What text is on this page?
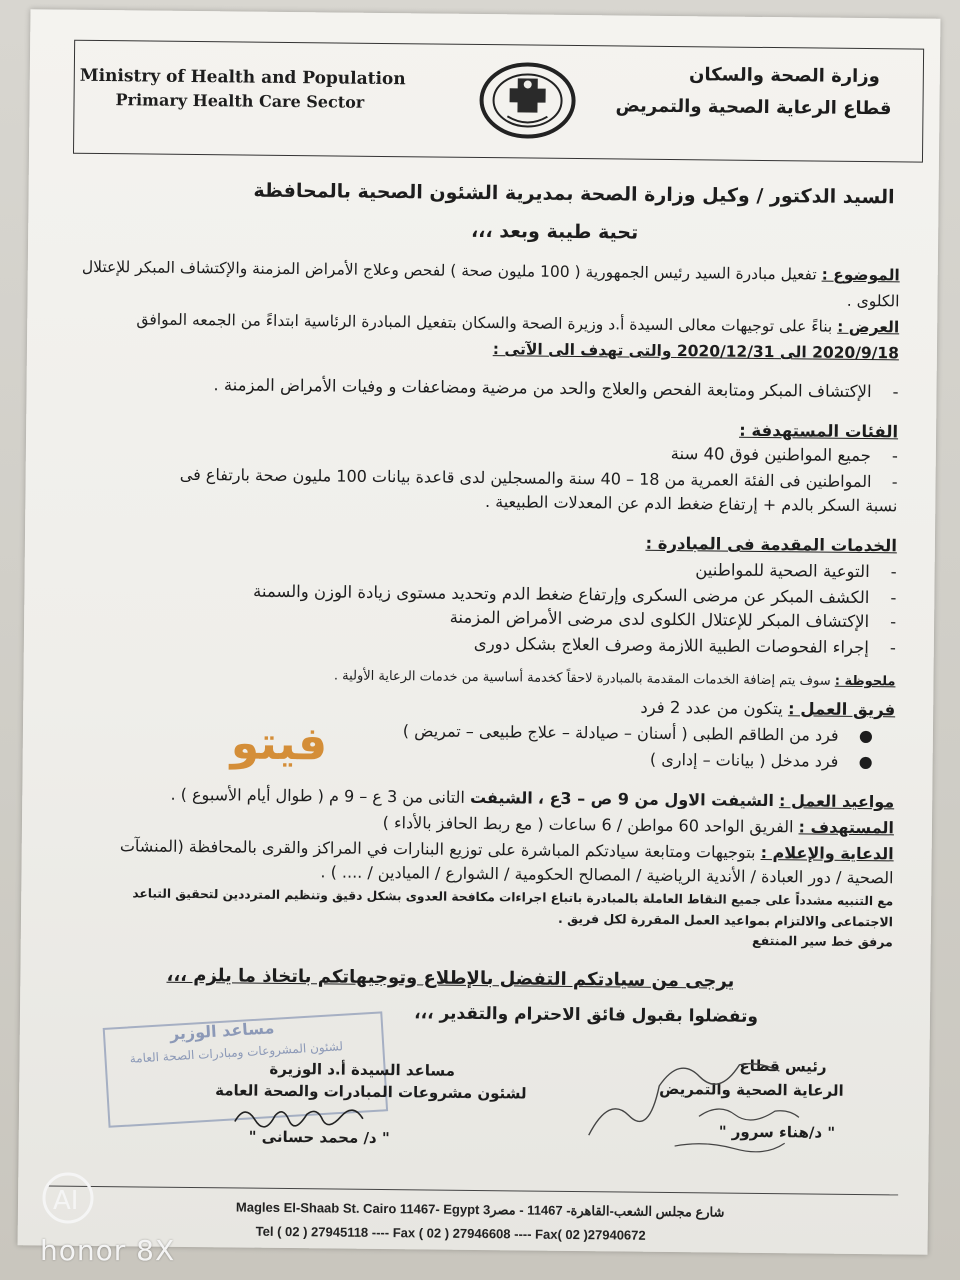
Ministry of Health and Population
Primary Health Care Sector
وزارة الصحة والسكان
قطاع الرعاية الصحية والتمريض
السيد الدكتور / وكيل وزارة الصحة بمديرية الشئون الصحية بالمحافظة
تحية طيبة وبعد ،،،
الموضوع : تفعيل مبادرة السيد رئيس الجمهورية ( 100 مليون صحة ) لفحص وعلاج الأمراض المزمنة والإكتشاف المبكر للإعتلال
الكلوى .
العرض : بناءً على توجيهات معالى السيدة أ.د وزيرة الصحة والسكان بتفعيل المبادرة الرئاسية ابتداءً من الجمعه الموافق
2020/9/18 الى 2020/12/31 والتى تهدف الى الآتى :
-    الإكتشاف المبكر ومتابعة الفحص والعلاج والحد من مرضية ومضاعفات و وفيات الأمراض المزمنة .
الفئات المستهدفة :
-    جميع المواطنين فوق 40 سنة
-    المواطنين فى الفئة العمرية من 18 – 40 سنة والمسجلين لدى قاعدة بيانات 100 مليون صحة بارتفاع فى
نسبة السكر بالدم + إرتفاع ضغط الدم عن المعدلات الطبيعية .
الخدمات المقدمة فى المبادرة :
-    التوعية الصحية للمواطنين
-    الكشف المبكر عن مرضى السكرى وإرتفاع ضغط الدم وتحديد مستوى زيادة الوزن والسمنة
-    الإكتشاف المبكر للإعتلال الكلوى لدى مرضى الأمراض المزمنة
-    إجراء الفحوصات الطبية اللازمة وصرف العلاج بشكل دورى
ملحوظة : سوف يتم إضافة الخدمات المقدمة بالمبادرة لاحقاً كخدمة أساسية من خدمات الرعاية الأولية .
فريق العمل : يتكون من عدد 2 فرد
●    فرد من الطاقم الطبى ( أسنان – صيادلة – علاج طبيعى – تمريض )
●    فرد مدخل ( بيانات – إدارى )
فيتو
مواعيد العمل : الشيفت الاول من 9 ص – 3ع ، الشيفت التانى من 3 ع – 9 م ( طوال أيام الأسبوع ) .
المستهدف : الفريق الواحد 60 مواطن / 6 ساعات ( مع ربط الحافز بالأداء )
الدعاية والإعلام : بتوجيهات ومتابعة سيادتكم المباشرة على توزيع البنارات في المراكز والقرى بالمحافظة (المنشآت
الصحية / دور العبادة / الأندية الرياضية / المصالح الحكومية / الشوارع / الميادين / .... ) .
مع التنبيه مشدداً على جميع النقاط العاملة بالمبادرة باتباع اجراءات مكافحة العدوى بشكل دقيق وتنظيم المترددين لتحقيق التباعد
الاجتماعى والالتزام بمواعيد العمل المقررة لكل فريق .
مرفق خط سير المنتفع
يرجى من سيادتكم التفضل بالإطلاع وتوجيهاتكم باتخاذ ما يلزم ،،،
وتفضلوا بقبول فائق الاحترام والتقدير ،،،
مساعد الوزير
لشئون المشروعات ومبادرات الصحة العامة
مساعد السيدة أ.د الوزيرة
لشئون مشروعات المبادرات والصحة العامة
" د/ محمد حسانى "
رئيس قطاع
الرعاية الصحية والتمريض
" د/هناء سرور "
Magles El-Shaab St. Cairo 11467- Egypt 3شارع مجلس الشعب-القاهرة- 11467 - مصر
Tel ( 02 ) 27945118 ---- Fax ( 02 ) 27946608 ---- Fax( 02 )27940672
AI
honor 8X
